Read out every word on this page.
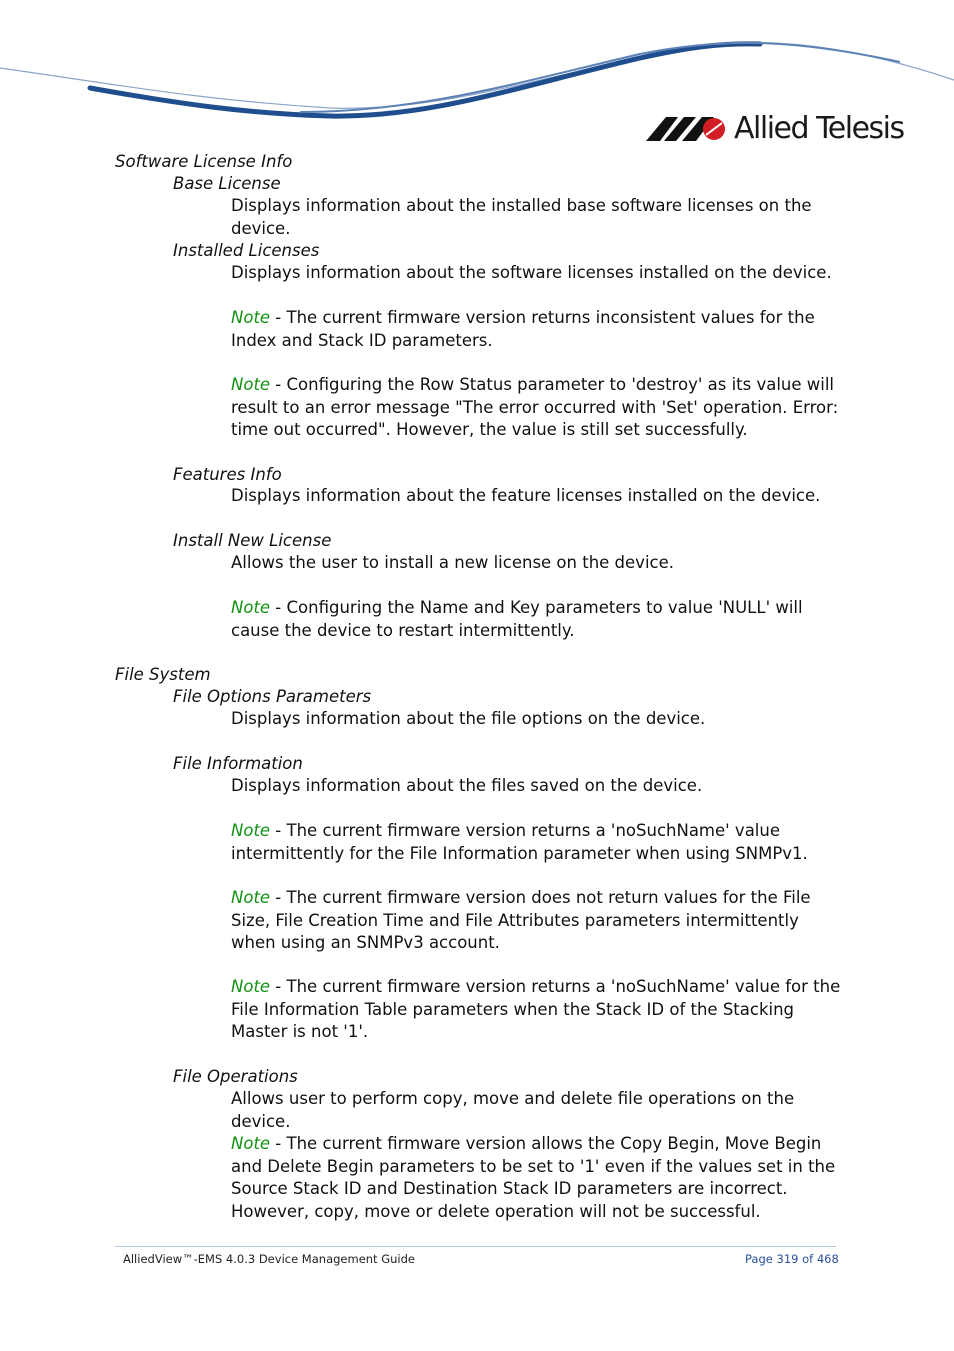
Allied Telesis
Software License Info
Base License
Displays information about the installed base software licenses on the device.
Installed Licenses
Displays information about the software licenses installed on the device.
Note - The current firmware version returns inconsistent values for the Index and Stack ID parameters.
Note - Configuring the Row Status parameter to 'destroy' as its value will result to an error message "The error occurred with 'Set' operation. Error: time out occurred". However, the value is still set successfully.
Features Info
Displays information about the feature licenses installed on the device.
Install New License
Allows the user to install a new license on the device.
Note - Configuring the Name and Key parameters to value 'NULL' will cause the device to restart intermittently.
File System
File Options Parameters
Displays information about the file options on the device.
File Information
Displays information about the files saved on the device.
Note - The current firmware version returns a 'noSuchName' value intermittently for the File Information parameter when using SNMPv1.
Note - The current firmware version does not return values for the File Size, File Creation Time and File Attributes parameters intermittently when using an SNMPv3 account.
Note - The current firmware version returns a 'noSuchName' value for the File Information Table parameters when the Stack ID of the Stacking Master is not '1'.
File Operations
Allows user to perform copy, move and delete file operations on the device.
Note - The current firmware version allows the Copy Begin, Move Begin and Delete Begin parameters to be set to '1' even if the values set in the Source Stack ID and Destination Stack ID parameters are incorrect. However, copy, move or delete operation will not be successful.
AlliedView™-EMS 4.0.3 Device Management Guide	Page 319 of 468
